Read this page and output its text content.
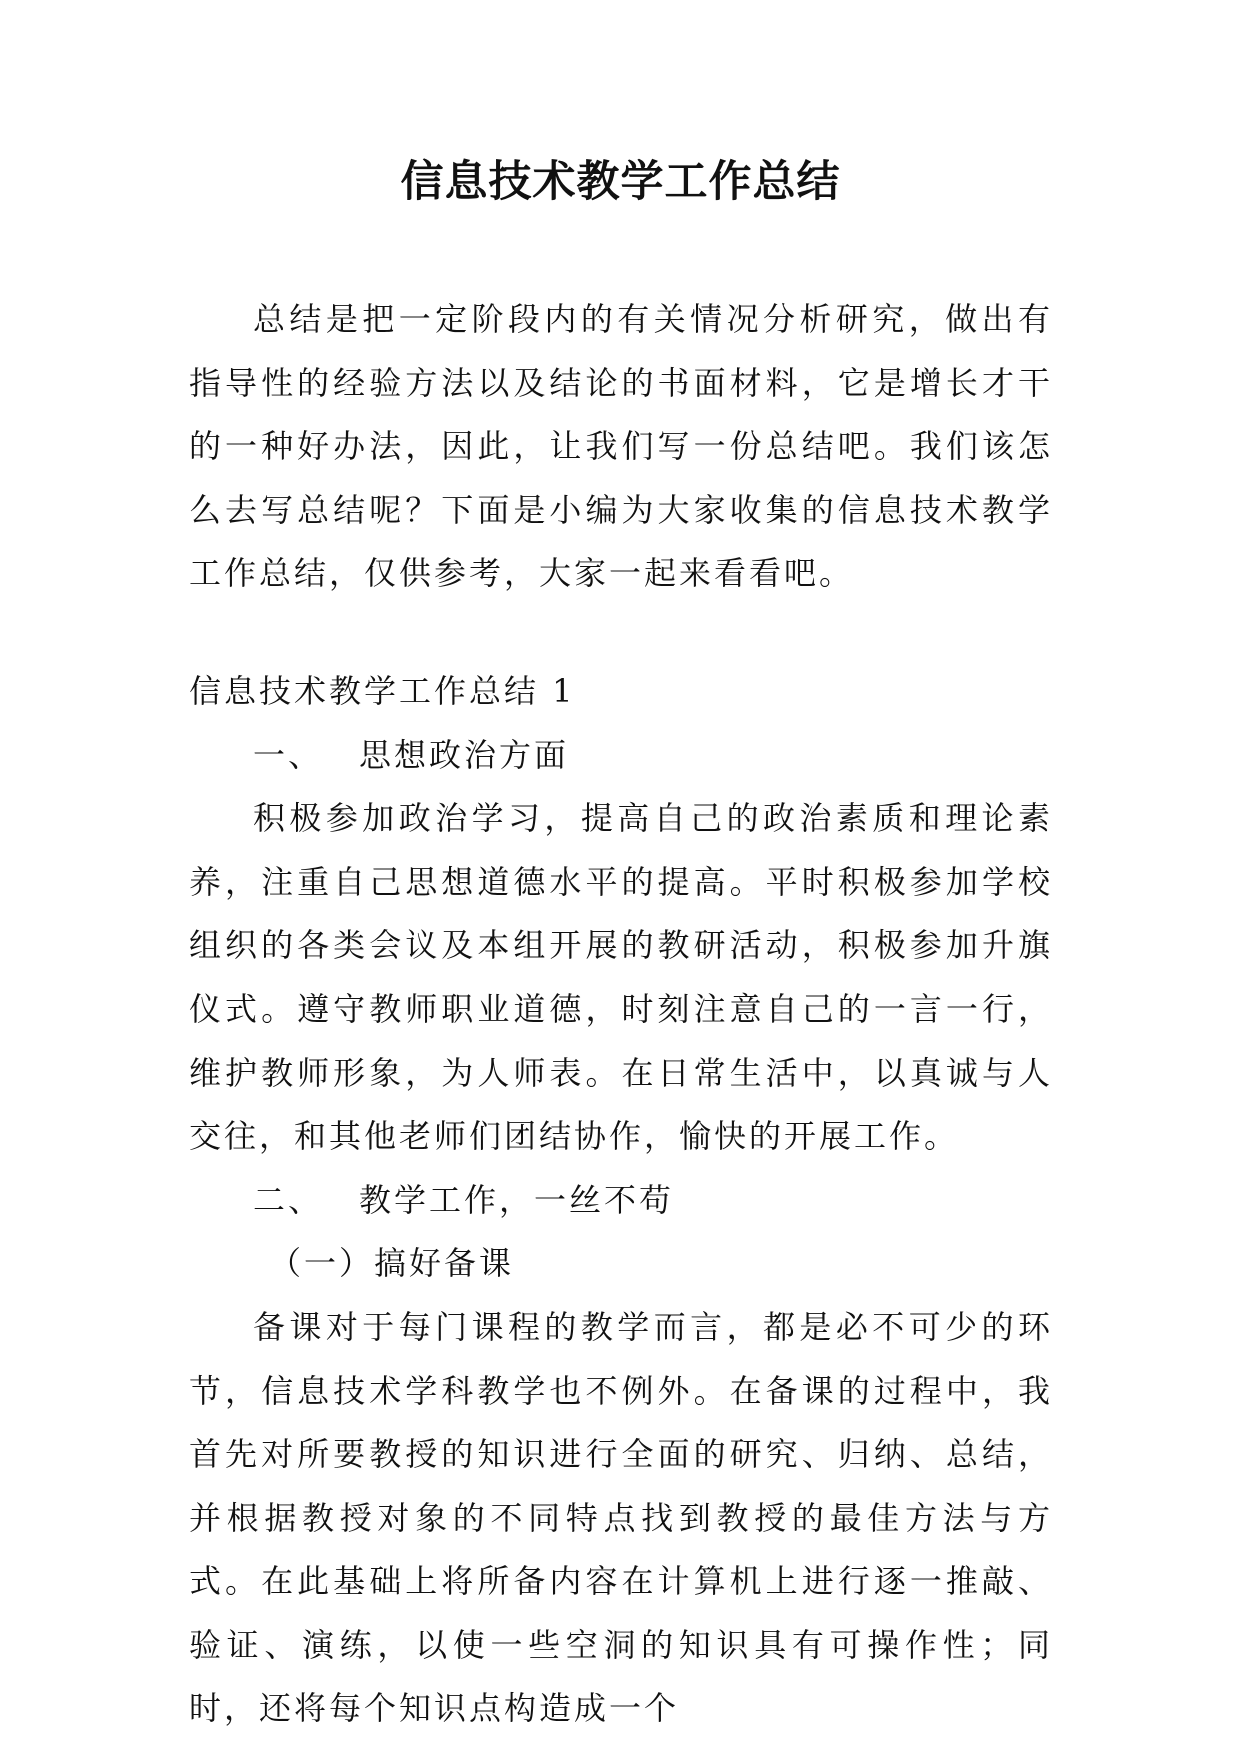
信息技术教学工作总结

总结是把一定阶段内的有关情况分析研究，做出有指导性的经验方法以及结论的书面材料，它是增长才干的一种好办法，因此，让我们写一份总结吧。我们该怎么去写总结呢？下面是小编为大家收集的信息技术教学工作总结，仅供参考，大家一起来看看吧。

信息技术教学工作总结 1

一、 思想政治方面

积极参加政治学习，提高自己的政治素质和理论素养，注重自己思想道德水平的提高。平时积极参加学校组织的各类会议及本组开展的教研活动，积极参加升旗仪式。遵守教师职业道德，时刻注意自己的一言一行，维护教师形象，为人师表。在日常生活中，以真诚与人交往，和其他老师们团结协作，愉快的开展工作。

二、 教学工作，一丝不苟

（一）搞好备课

备课对于每门课程的教学而言，都是必不可少的环节，信息技术学科教学也不例外。在备课的过程中，我首先对所要教授的知识进行全面的研究、归纳、总结，并根据教授对象的不同特点找到教授的最佳方法与方式。在此基础上将所备内容在计算机上进行逐一推敲、验证、演练，以使一些空洞的知识具有可操作性；同时，还将每个知识点构造成一个
